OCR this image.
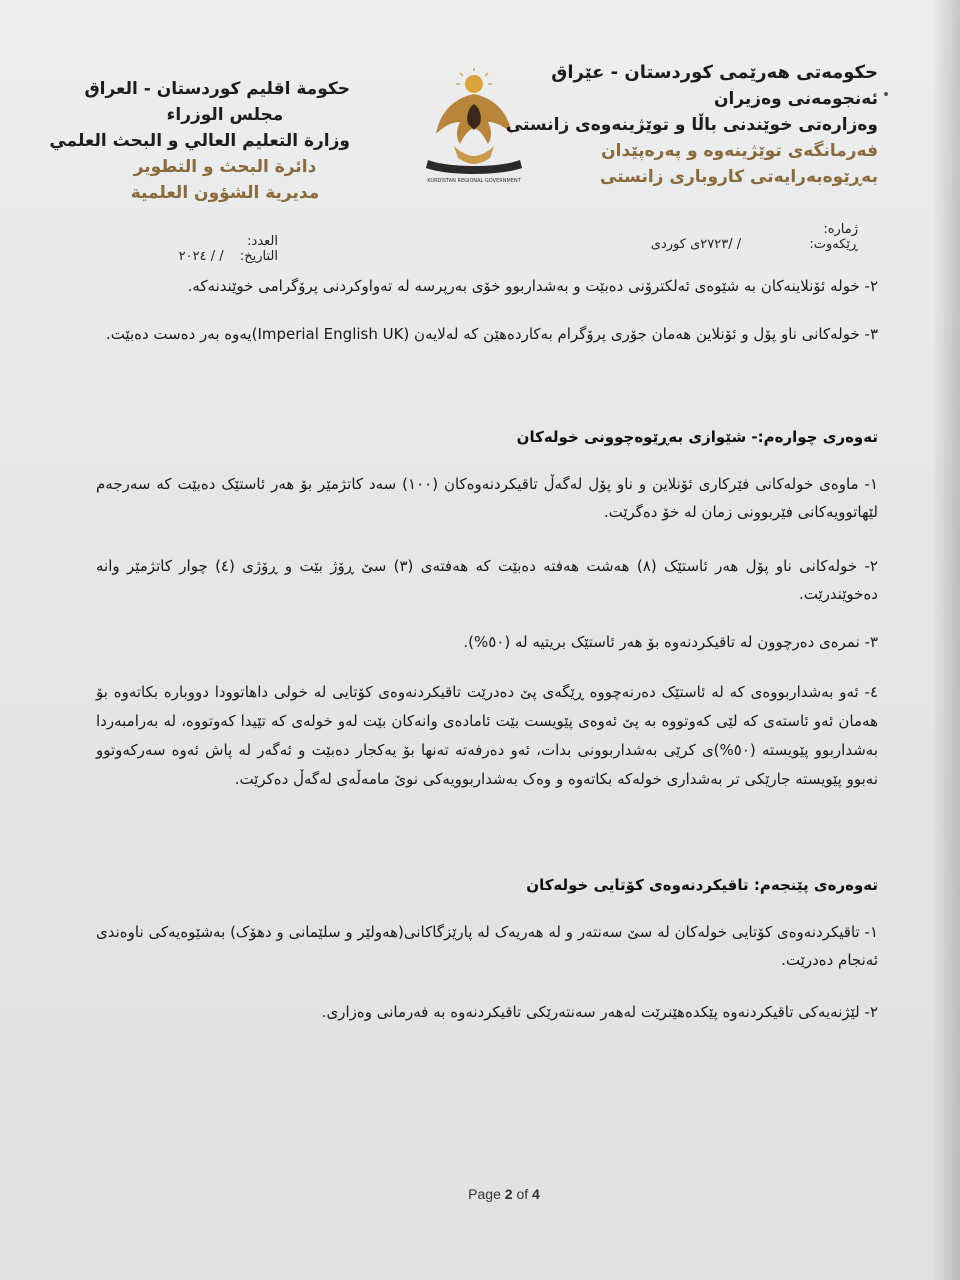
حكومة اقليم كوردستان - العراق
مجلس الوزراء
وزارة التعليم العالي و البحث العلمي
دائرة البحث و التطوير
مديرية الشؤون العلمية
KURDISTAN REGIONAL GOVERNMENT
حکومەتی هەرێمی کوردستان - عێراق
ئەنجومەنی وەزیران
وەزارەتی خوێندنی باڵا و توێژینەوەی زانستی
فەرمانگەی توێژینەوە و پەرەپێدان
بەڕێوەبەرایەتی کاروباری زانستی
ژمارە:
ڕێکەوت:  / /٢٧٢٣ی کوردی
العدد:
التاريخ:  / / ٢٠٢٤
٢- خولە ئۆنلاینەکان بە شێوەی ئەلکترۆنی دەبێت و بەشداربوو خۆی بەرپرسە لە تەواوکردنی پرۆگرامی خوێندنەکە.
٣- خولەکانی ناو پۆل و ئۆنلاین هەمان جۆری پرۆگرام بەکاردەهێن کە لەلایەن (Imperial English UK)یەوە بەر دەست دەبێت.
تەوەری چوارەم:- شێوازی بەڕێوەچوونی خولەکان
١- ماوەی خولەکانی فێرکاری ئۆنلاین و ناو پۆل لەگەڵ تاقیکردنەوەکان (١٠٠) سەد کاتژمێر بۆ هەر ئاستێک دەبێت کە سەرجەم لێهاتوویەکانی فێربوونی زمان لە خۆ دەگرێت.
٢- خولەکانی ناو پۆل هەر ئاستێک (٨) هەشت هەفتە دەبێت کە هەفتەی (٣) سێ ڕۆژ بێت و ڕۆژی (٤) چوار کاتژمێر وانە دەخوێندرێت.
٣- نمرەی دەرچوون لە تاقیکردنەوە بۆ هەر ئاستێک بریتیە لە (٥٠%).
٤- ئەو بەشداربووەی کە لە ئاستێک دەرنەچووە ڕێگەی پێ دەدرێت تاقیکردنەوەی کۆتایی لە خولی داهاتوودا دووبارە بکاتەوە بۆ هەمان ئەو ئاستەی کە لێی کەوتووە بە پێ ئەوەی پێویست بێت ئامادەی وانەکان بێت لەو خولەی کە تێیدا کەوتووە، لە بەرامبەردا بەشداربوو پێویستە (٥٠%)ی کرێی بەشداربوونی بدات، ئەو دەرفەتە تەنها بۆ یەکجار دەبێت و ئەگەر لە پاش ئەوە سەرکەوتوو نەبوو پێویستە جارێکی تر بەشداری خولەکە بکاتەوە و وەک بەشداربوویەکی نوێ مامەڵەی لەگەڵ دەکرێت.
تەوەرەی پێنجەم: تاقیکردنەوەی کۆتایی خولەکان
١- تاقیکردنەوەی کۆتایی خولەکان لە سێ سەنتەر و لە هەریەک لە پارێزگاکانی(هەولێر و سلێمانی و دهۆک) بەشێوەیەکی ناوەندی ئەنجام دەدرێت.
٢- لێژنەیەکی تاقیکردنەوە پێکدەهێنرێت لەهەر سەنتەرێکی تاقیکردنەوە بە فەرمانی وەزاری.
Page 2 of 4
